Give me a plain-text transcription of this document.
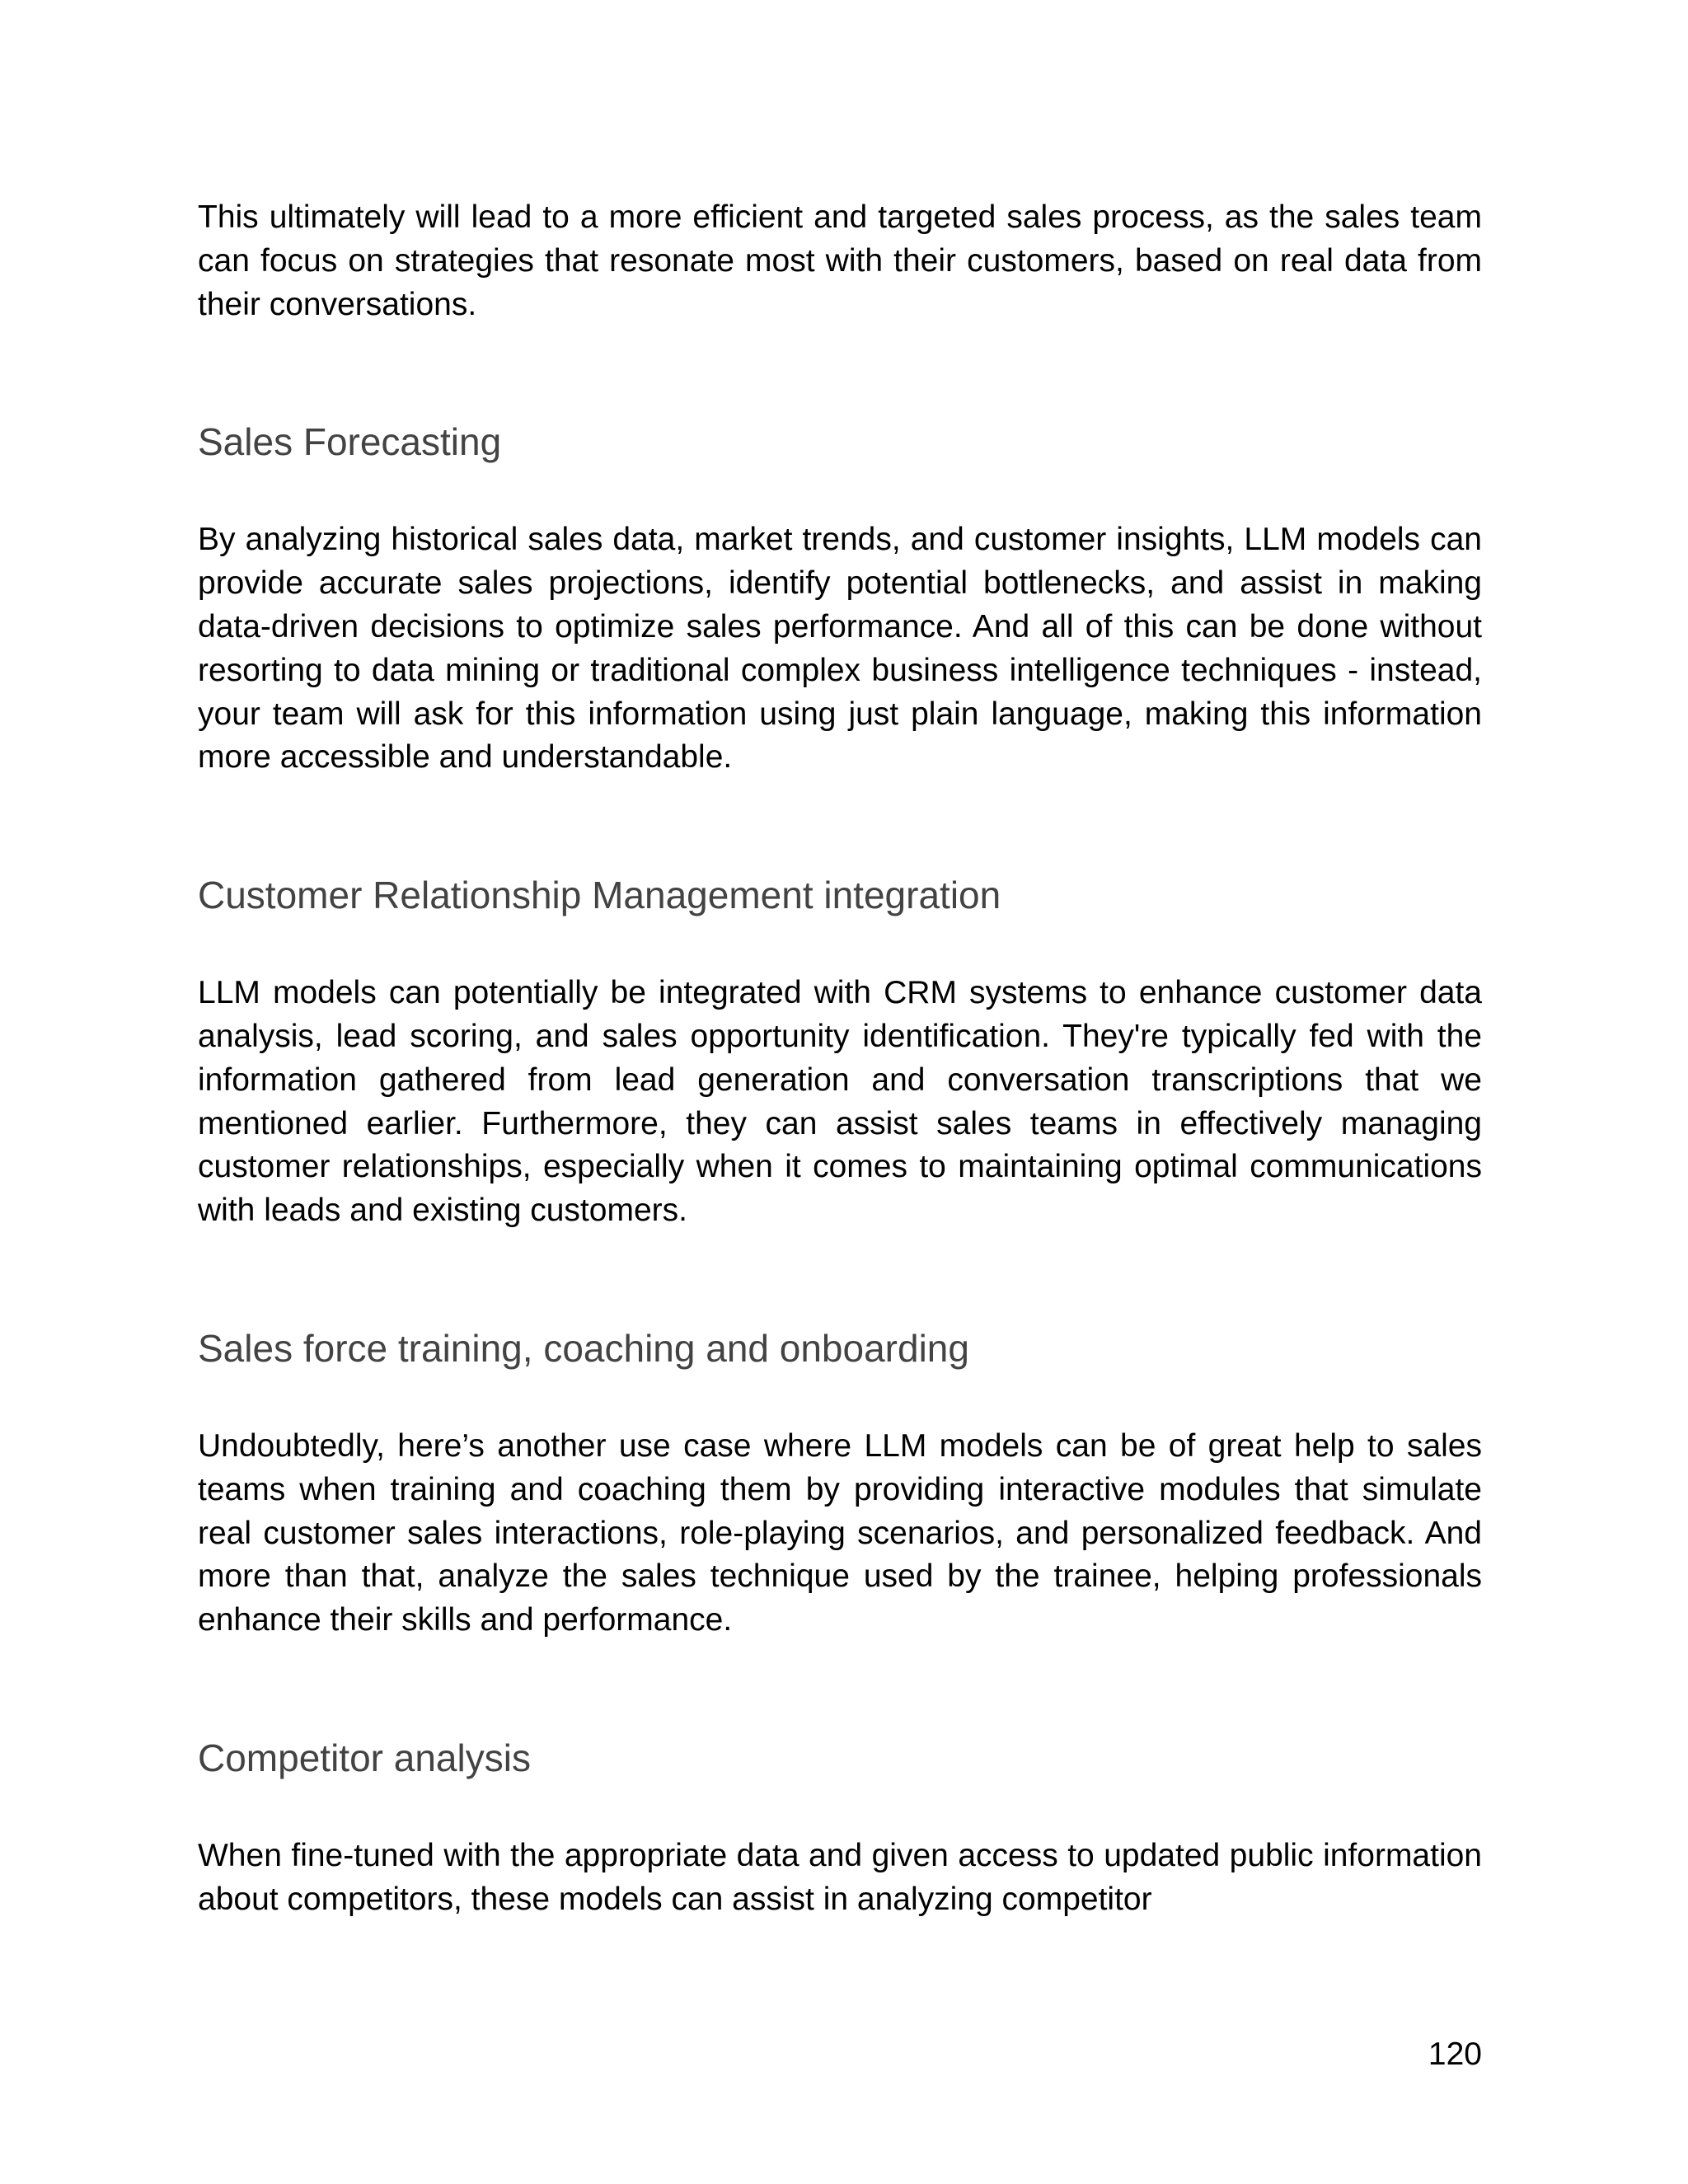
This ultimately will lead to a more efficient and targeted sales process, as the sales team can focus on strategies that resonate most with their customers, based on real data from their conversations.

Sales Forecasting

By analyzing historical sales data, market trends, and customer insights, LLM models can provide accurate sales projections, identify potential bottlenecks, and assist in making data-driven decisions to optimize sales performance. And all of this can be done without resorting to data mining or traditional complex business intelligence techniques - instead, your team will ask for this information using just plain language, making this information more accessible and understandable.

Customer Relationship Management integration

LLM models can potentially be integrated with CRM systems to enhance customer data analysis, lead scoring, and sales opportunity identification. They're typically fed with the information gathered from lead generation and conversation transcriptions that we mentioned earlier. Furthermore, they can assist sales teams in effectively managing customer relationships, especially when it comes to maintaining optimal communications with leads and existing customers.

Sales force training, coaching and onboarding

Undoubtedly, here’s another use case where LLM models can be of great help to sales teams when training and coaching them by providing interactive modules that simulate real customer sales interactions, role-playing scenarios, and personalized feedback. And more than that, analyze the sales technique used by the trainee, helping professionals enhance their skills and performance.

Competitor analysis

When fine-tuned with the appropriate data and given access to updated public information about competitors, these models can assist in analyzing competitor

120
